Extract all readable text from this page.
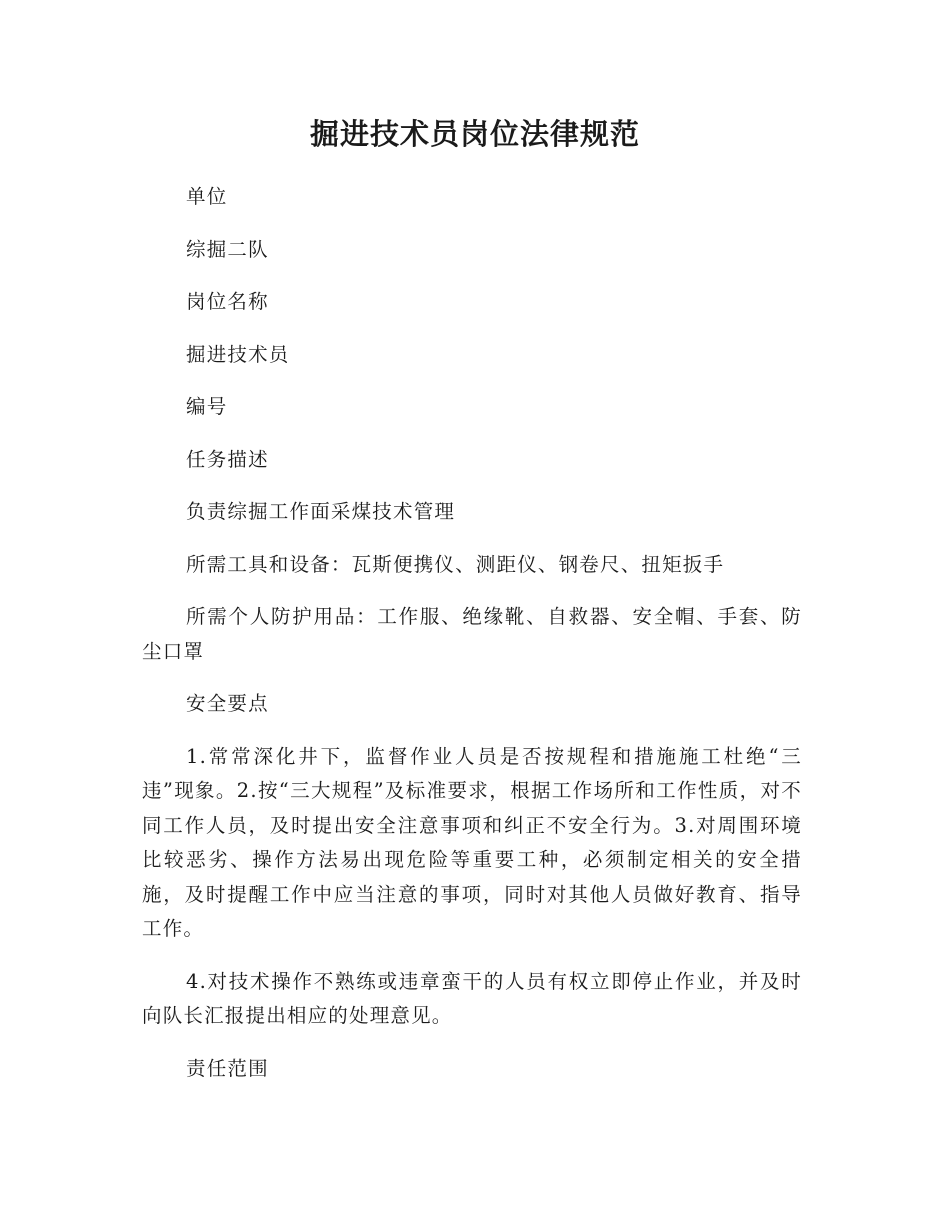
掘进技术员岗位法律规范

单位

综掘二队

岗位名称

掘进技术员

编号

任务描述

负责综掘工作面采煤技术管理

所需工具和设备：瓦斯便携仪、测距仪、钢卷尺、扭矩扳手

所需个人防护用品：工作服、绝缘靴、自救器、安全帽、手套、防尘口罩

安全要点

1.常常深化井下，监督作业人员是否按规程和措施施工杜绝“三违”现象。2.按“三大规程”及标准要求，根据工作场所和工作性质，对不同工作人员，及时提出安全注意事项和纠正不安全行为。3.对周围环境比较恶劣、操作方法易出现危险等重要工种，必须制定相关的安全措施，及时提醒工作中应当注意的事项，同时对其他人员做好教育、指导工作。

4.对技术操作不熟练或违章蛮干的人员有权立即停止作业，并及时向队长汇报提出相应的处理意见。

责任范围
